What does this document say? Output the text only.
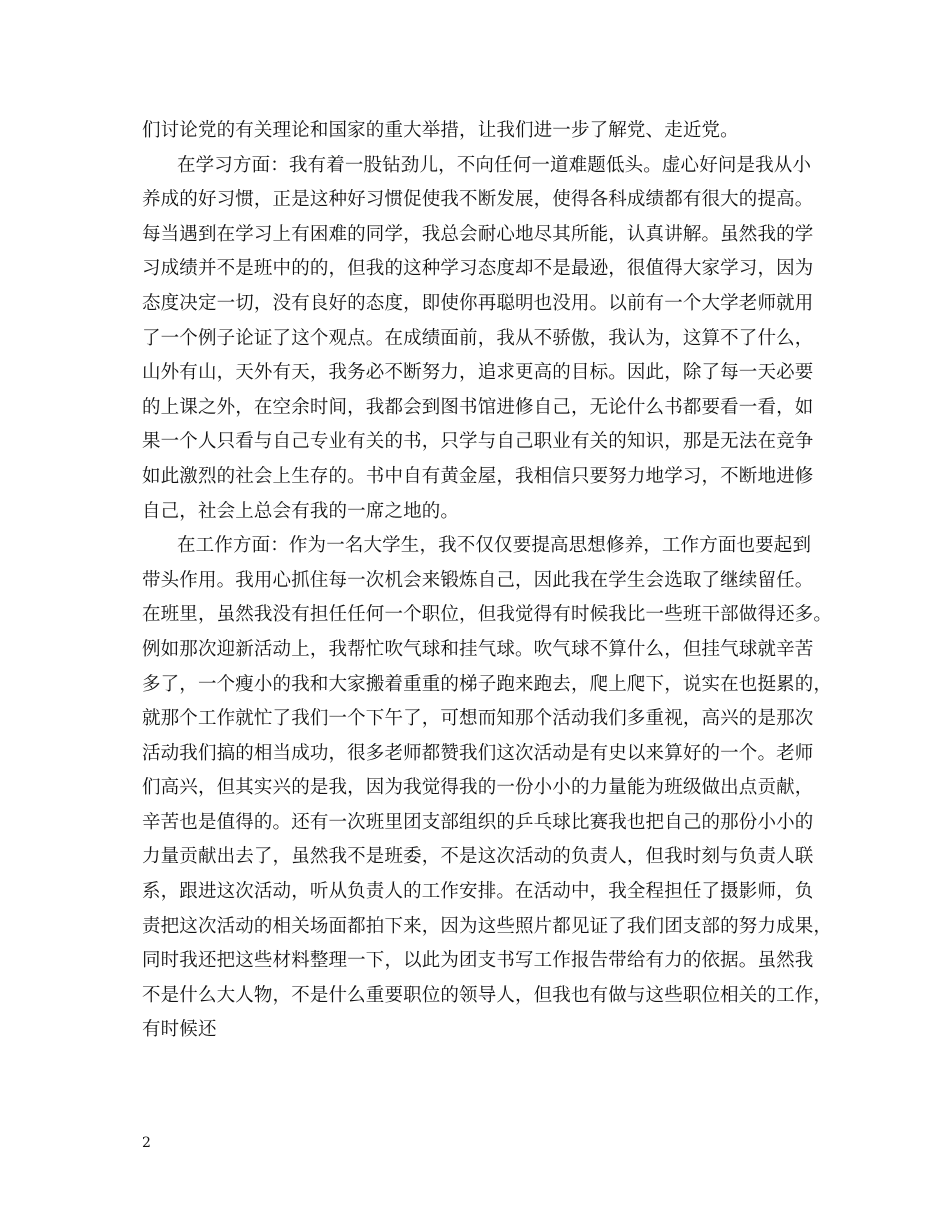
们讨论党的有关理论和国家的重大举措，让我们进一步了解党、走近党。
在学习方面：我有着一股钻劲儿，不向任何一道难题低头。虚心好问是我从小
养成的好习惯，正是这种好习惯促使我不断发展，使得各科成绩都有很大的提高。
每当遇到在学习上有困难的同学，我总会耐心地尽其所能，认真讲解。虽然我的学
习成绩并不是班中的的，但我的这种学习态度却不是最逊，很值得大家学习，因为
态度决定一切，没有良好的态度，即使你再聪明也没用。以前有一个大学老师就用
了一个例子论证了这个观点。在成绩面前，我从不骄傲，我认为，这算不了什么，
山外有山，天外有天，我务必不断努力，追求更高的目标。因此，除了每一天必要
的上课之外，在空余时间，我都会到图书馆进修自己，无论什么书都要看一看，如
果一个人只看与自己专业有关的书，只学与自己职业有关的知识，那是无法在竞争
如此激烈的社会上生存的。书中自有黄金屋，我相信只要努力地学习，不断地进修
自己，社会上总会有我的一席之地的。
在工作方面：作为一名大学生，我不仅仅要提高思想修养，工作方面也要起到
带头作用。我用心抓住每一次机会来锻炼自己，因此我在学生会选取了继续留任。
在班里，虽然我没有担任任何一个职位，但我觉得有时候我比一些班干部做得还多。
例如那次迎新活动上，我帮忙吹气球和挂气球。吹气球不算什么，但挂气球就辛苦
多了，一个瘦小的我和大家搬着重重的梯子跑来跑去，爬上爬下，说实在也挺累的，
就那个工作就忙了我们一个下午了，可想而知那个活动我们多重视，高兴的是那次
活动我们搞的相当成功，很多老师都赞我们这次活动是有史以来算好的一个。老师
们高兴，但其实兴的是我，因为我觉得我的一份小小的力量能为班级做出点贡献，
辛苦也是值得的。还有一次班里团支部组织的乒乓球比赛我也把自己的那份小小的
力量贡献出去了，虽然我不是班委，不是这次活动的负责人，但我时刻与负责人联
系，跟进这次活动，听从负责人的工作安排。在活动中，我全程担任了摄影师，负
责把这次活动的相关场面都拍下来，因为这些照片都见证了我们团支部的努力成果，
同时我还把这些材料整理一下，以此为团支书写工作报告带给有力的依据。虽然我
不是什么大人物，不是什么重要职位的领导人，但我也有做与这些职位相关的工作，
有时候还
2
